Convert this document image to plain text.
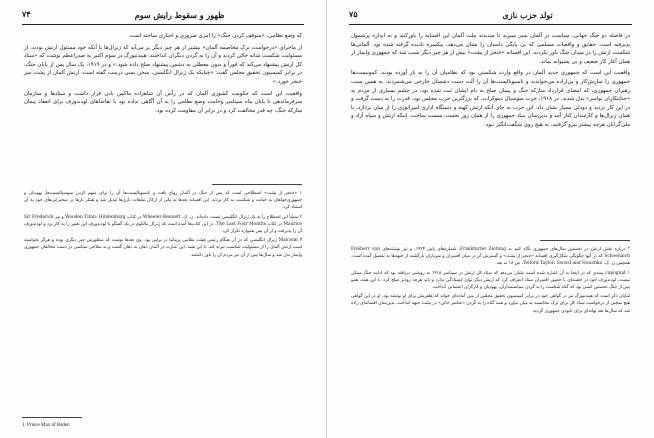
۷۴	ظهور و سقوط رایش سوم

که وضع نظامی، «متوقف کردن جنگ» را امری ضروری و اجباری ساخته است.

از ماجرای «درخواست ترک مخاصمه آلمان» بیشتر از هر چیز دیگر بر می‌آید که ژنرال‌ها با آنکه خود مسئول ارتش بودند، از مسئولیت شکست شانه خالی کردند و آن را به گردن دیگران انداختند. هیندنبورگ در سوم اکتبر به صدراعظم نوشت که «ستاد کل ارتش پیشنهاد می‌کند که فوراً و بدون معطلی به دشمن پیشنهاد صلح داده شود.» و در ۱۹۱۹، یک سال پس از پایان جنگ، در برابر کمیسیون تحقیق مجلس گفت: «چنانکه یک ژنرال انگلیسی، سخن بسی درست گفته است، ارتش آلمان از پشت سر خنجر خورد.»

واقعیت این است که حکومت کشوری آلمان که در رأس آن شاهزاده ماکس بادن قرار داشت و ستادها و سازمان سرفرماندهی تا پایان ماه سپتامبر وخامت وضع نظامی را به آن آگاهی نداده بود با تقاضاهای لودندورف برای انعقاد پیمان متارکه جنگ، چه قدر مخالفت کرد و در برابر آن مقاومت کرده بود.

۱ «خنجر از پشت» اصطلاحی است که پس از جنگ در آلمان رواج یافت و ناسیونالیست‌ها آن را برای متهم کردن سوسیالیست‌ها، یهودیان و جمهوری‌خواهان به خیانت و شکست به کار بردند. این افسانه بعدها به یکی از ارکان تبلیغات نازی‌ها تبدیل شد و هیتلر بارها در سخنرانی‌های خود به آن استناد کرد.

۲ منشأ این اصطلاح را به یک ژنرال انگلیسی نسبت داده‌اند. ن. ک. Wheeler-Bennett در کتاب Wooden Titan: Hindenburg و نیز Sir Frederick Maurice در کتاب The Last Four Months. در این کتاب‌ها آمده است که ژنرال مالکوم در یک گفتگو با لودندورف این تعبیر را به کار برد و لودندورف آن را پذیرفت و از آن پس همواره تکرار کرد.

۳ Malcolm ژنرال انگلیسی که در آن هنگام رئیس هیئت نظامی بریتانیا در برلین بود. وی بعدها نوشت که منظورش چیز دیگری بوده و هرگز نخواسته است ارتش آلمان را از مسئولیت شکست تبرئه کند. با این همه، این عبارت در آلمان دهان به دهان گشت و به سلاحی سیاسی در دست مخالفان جمهوری وایمار بدل شد و سال‌ها پس از آن نیز مردم آن را باور داشتند.

1. Prince Max of Baden
۷۵	تولد حزب نازی

در فاصله دو جنگ جهانی، سیاست در آلمان بسر میبرید تا میدیدند ملت آلمان این افسانه را باورکنند و به اندازه پرشمول پذیرفته است. حقایق و واقعیات مسلمی که بی پایگی داستان را نشان می‌دهد، بیکسره نادیده گرفته شده بود. آلمانی‌ها شکست ارتش را در میدان جنگ باور نکردند. این افسانه «خنجر از پشت» بیش از هر چیز دیگر سبب شد که جمهوری وایمار از همان آغاز کار ضعیف و بی پشتوانه بماند.

واقعیت این است که جمهوری جدید آلمان در واقع وارث شکستی بود که نظامیان آن را به بار آورده بودند. کمونیست‌ها جمهوری را سازش‌کار و بی‌اراده می‌خواندند و ناسیونالیست‌ها آن را آلت دست دشمنان خارجی می‌شمردند. به همین سبب رهبران جمهوری، که امضای قرارداد متارکه جنگ و پیمان صلح به نام ایشان ثبت شده بود، در چشم بسیاری از مردم به «جنایتکاران نوامبر» بدل شدند. در ۱۹۱۸، حزب سوسیال دموکرات، که بزرگترین حزب مجلس بود، قدرت را به دست گرفت و در این کار تردید و دودلی بسیار نشان داد. این حزب به جای آنکه ارتش کهنه و دستگاه اداری امپراتوری را از میان بردارد، با همان ژنرال‌ها و کارمندان کنار آمد و بدین‌سان بنیاد جمهوری را از همان روز نخست سست ساخت. اینکه ارتش و سپاه آزاد و ملی‌گرایان هرچه بیشتر نیرو گرفتند، به هیچ روی شگفت‌انگیز نبود.

* درباره نقش ارتش در نخستین سال‌های جمهوری نگاه کنید به Frankfurter Zeitung، شماره‌های پاییز ۱۹۲۴، و نیز نوشته‌های Freiherr von Schoenaich که در آنها چگونگی شکل‌گیری افسانه «خنجر از پشت» و گسترش آن در میان افسران و سربازان بازگشته از جبهه‌ها به تفصیل آمده است. همچنین ن. ک. Telford Taylor، Sword and Swastika، ص ۱۸ به بعد.

۱ capognat سندی که در اینجا به آن اشاره شده است نشان می‌دهد که ستاد کل ارتش در سپتامبر ۱۹۱۸ به روشنی دریافته بود که ادامه جنگ ممکن نیست. لودندورف خود در جلسه‌ای با حضور افسران ستاد اعتراف کرد که ارتش دیگر توان ایستادگی ندارد و باید هرچه زودتر صلح کرد. با این همه، همو پس از جنگ نخستین کسی بود که گناه شکست را به گردن سیاستمداران، یهودیان و کارگران اعتصابی انداخت.

شایان ذکر است که هیندنبورگ نیز در گواهی خود در برابر کمیسیون تحقیق مجلس از متن آماده‌ای خواند که هلفریش برای او نوشته بود. او در این گواهی هیچ سخنی از درخواست ستاد کل برای ترک مخاصمه به میان نیاورد و همه گناه را به گردن «عناصر خائن» در پشت جبهه انداخت. بدین‌سان افسانه‌ای زاده شد که سال‌ها بعد بهانه‌ای برای نابودی جمهوری گردید.
